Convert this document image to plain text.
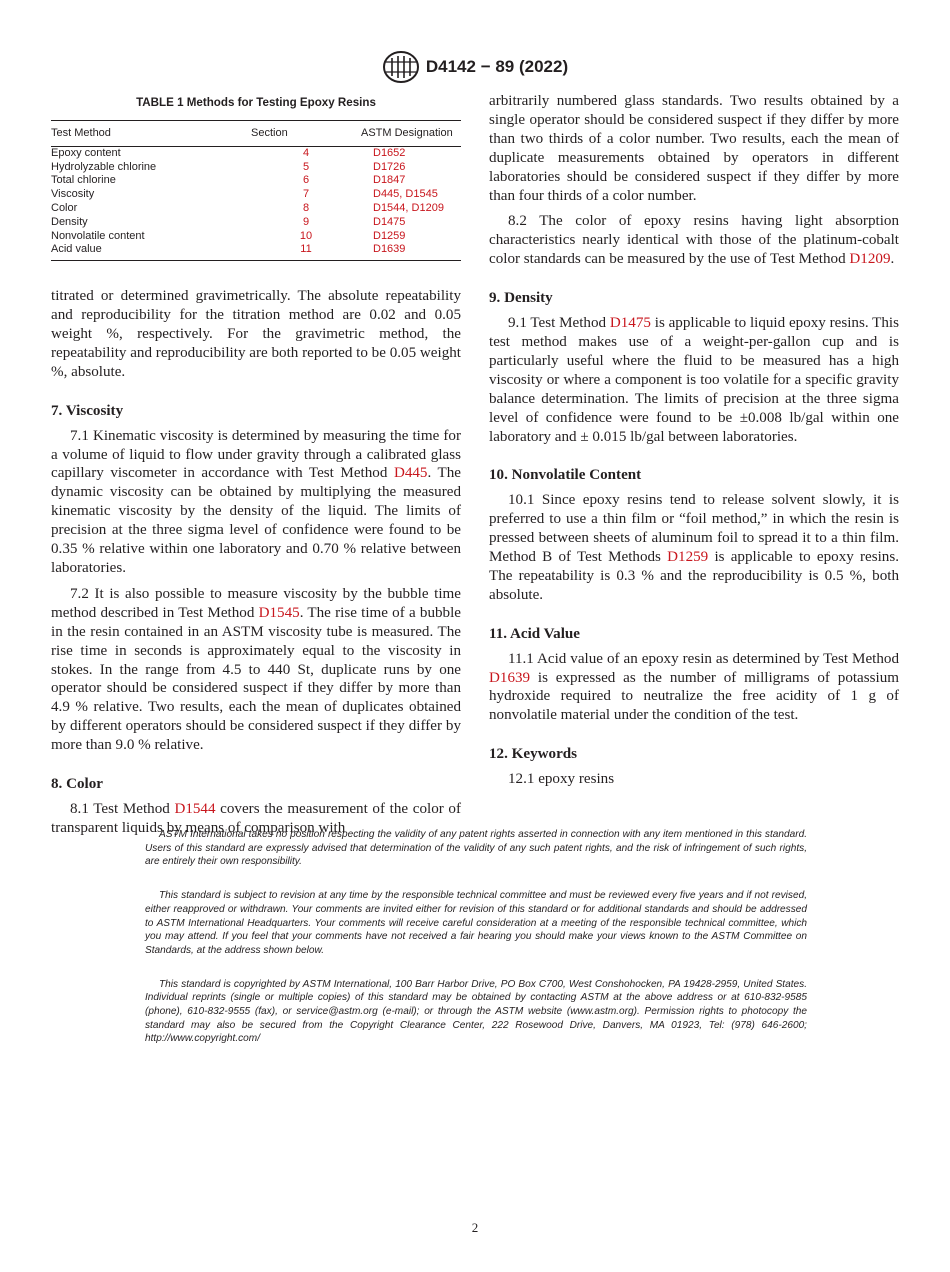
D4142 − 89 (2022)
TABLE 1 Methods for Testing Epoxy Resins
Test Method	Section	ASTM Designation
Epoxy content	4	D1652
Hydrolyzable chlorine	5	D1726
Total chlorine	6	D1847
Viscosity	7	D445, D1545
Color	8	D1544, D1209
Density	9	D1475
Nonvolatile content	10	D1259
Acid value	11	D1639

titrated or determined gravimetrically. The absolute repeatability and reproducibility for the titration method are 0.02 and 0.05 weight %, respectively. For the gravimetric method, the repeatability and reproducibility are both reported to be 0.05 weight %, absolute.

7. Viscosity

7.1 Kinematic viscosity is determined by measuring the time for a volume of liquid to flow under gravity through a calibrated glass capillary viscometer in accordance with Test Method D445. The dynamic viscosity can be obtained by multiplying the measured kinematic viscosity by the density of the liquid. The limits of precision at the three sigma level of confidence were found to be 0.35 % relative within one laboratory and 0.70 % relative between laboratories.

7.2 It is also possible to measure viscosity by the bubble time method described in Test Method D1545. The rise time of a bubble in the resin contained in an ASTM viscosity tube is measured. The rise time in seconds is approximately equal to the viscosity in stokes. In the range from 4.5 to 440 St, duplicate runs by one operator should be considered suspect if they differ by more than 4.9 % relative. Two results, each the mean of duplicates obtained by different operators should be considered suspect if they differ by more than 9.0 % relative.

8. Color

8.1 Test Method D1544 covers the measurement of the color of transparent liquids by means of comparison with

arbitrarily numbered glass standards. Two results obtained by a single operator should be considered suspect if they differ by more than two thirds of a color number. Two results, each the mean of duplicate measurements obtained by operators in different laboratories should be considered suspect if they differ by more than four thirds of a color number.

8.2 The color of epoxy resins having light absorption characteristics nearly identical with those of the platinum-cobalt color standards can be measured by the use of Test Method D1209.

9. Density

9.1 Test Method D1475 is applicable to liquid epoxy resins. This test method makes use of a weight-per-gallon cup and is particularly useful where the fluid to be measured has a high viscosity or where a component is too volatile for a specific gravity balance determination. The limits of precision at the three sigma level of confidence were found to be ±0.008 lb/gal within one laboratory and ± 0.015 lb/gal between laboratories.

10. Nonvolatile Content

10.1 Since epoxy resins tend to release solvent slowly, it is preferred to use a thin film or “foil method,” in which the resin is pressed between sheets of aluminum foil to spread it to a thin film. Method B of Test Methods D1259 is applicable to epoxy resins. The repeatability is 0.3 % and the reproducibility is 0.5 %, both absolute.

11. Acid Value

11.1 Acid value of an epoxy resin as determined by Test Method D1639 is expressed as the number of milligrams of potassium hydroxide required to neutralize the free acidity of 1 g of nonvolatile material under the condition of the test.

12. Keywords

12.1 epoxy resins

ASTM International takes no position respecting the validity of any patent rights asserted in connection with any item mentioned in this standard. Users of this standard are expressly advised that determination of the validity of any such patent rights, and the risk of infringement of such rights, are entirely their own responsibility.

This standard is subject to revision at any time by the responsible technical committee and must be reviewed every five years and if not revised, either reapproved or withdrawn. Your comments are invited either for revision of this standard or for additional standards and should be addressed to ASTM International Headquarters. Your comments will receive careful consideration at a meeting of the responsible technical committee, which you may attend. If you feel that your comments have not received a fair hearing you should make your views known to the ASTM Committee on Standards, at the address shown below.

This standard is copyrighted by ASTM International, 100 Barr Harbor Drive, PO Box C700, West Conshohocken, PA 19428-2959, United States. Individual reprints (single or multiple copies) of this standard may be obtained by contacting ASTM at the above address or at 610-832-9585 (phone), 610-832-9555 (fax), or service@astm.org (e-mail); or through the ASTM website (www.astm.org). Permission rights to photocopy the standard may also be secured from the Copyright Clearance Center, 222 Rosewood Drive, Danvers, MA 01923, Tel: (978) 646-2600; http://www.copyright.com/

2
